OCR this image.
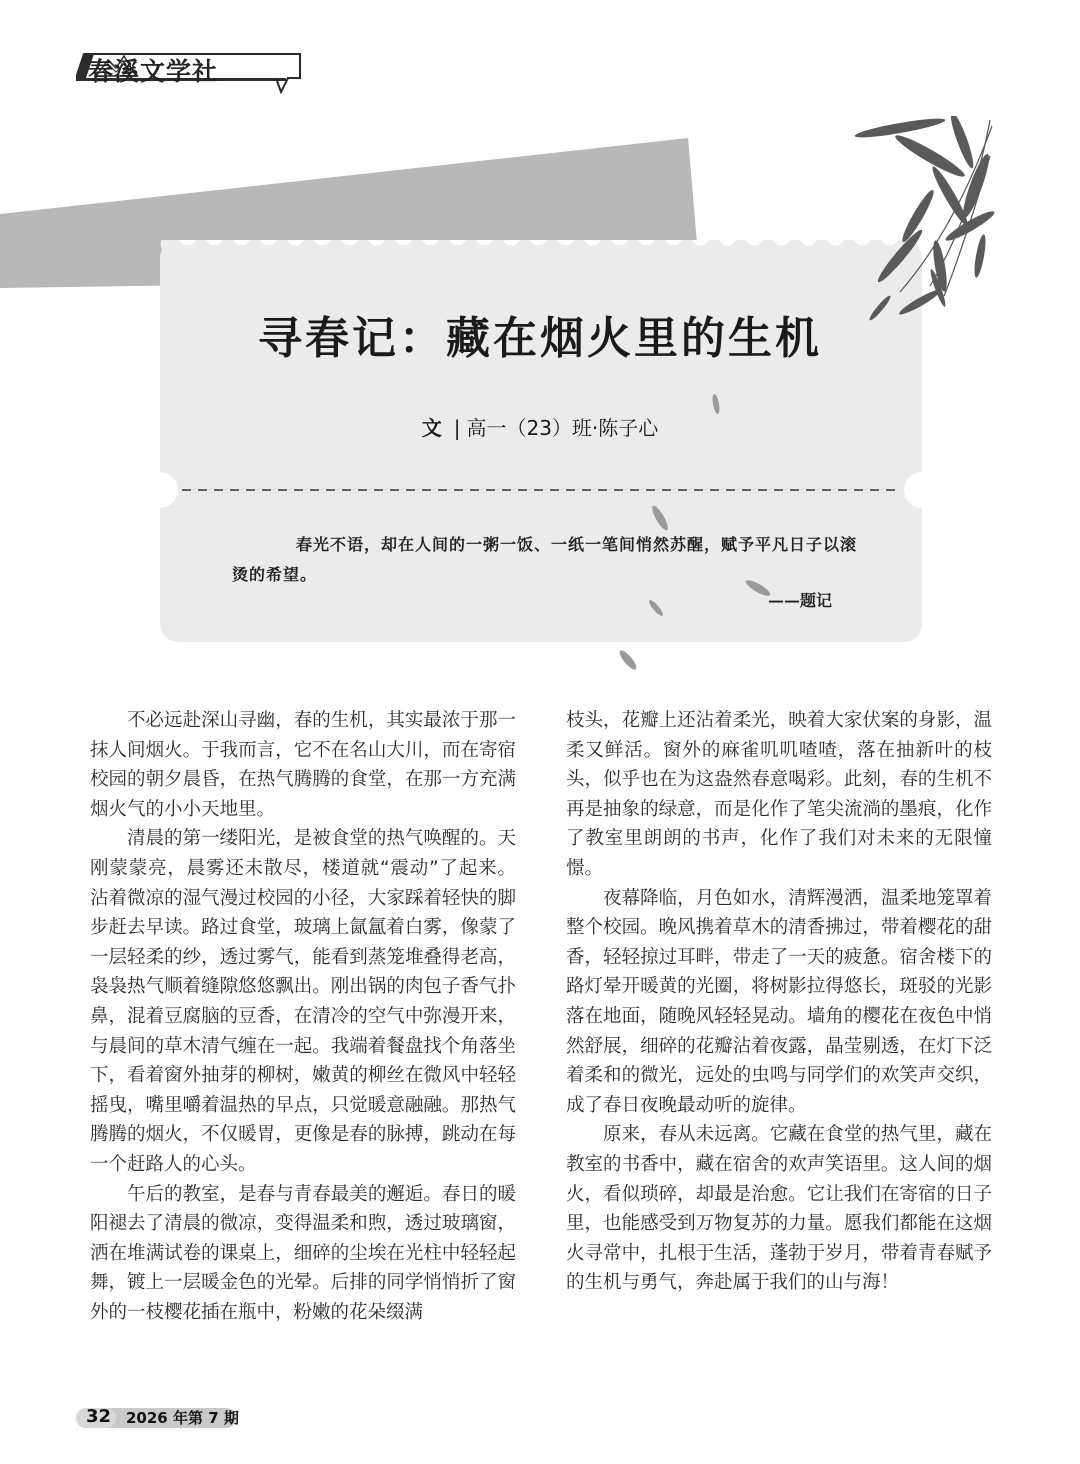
春溪文学社
寻春记：藏在烟火里的生机
文 | 高一（23）班·陈子心
春光不语，却在人间的一粥一饭、一纸一笔间悄然苏醒，赋予平凡日子以滚烫的希望。
——题记

不必远赴深山寻幽，春的生机，其实最浓于那一抹人间烟火。于我而言，它不在名山大川，而在寄宿校园的朝夕晨昏，在热气腾腾的食堂，在那一方充满烟火气的小小天地里。

清晨的第一缕阳光，是被食堂的热气唤醒的。天刚蒙蒙亮，晨雾还未散尽，楼道就“震动”了起来。沾着微凉的湿气漫过校园的小径，大家踩着轻快的脚步赶去早读。路过食堂，玻璃上氤氲着白雾，像蒙了一层轻柔的纱，透过雾气，能看到蒸笼堆叠得老高，袅袅热气顺着缝隙悠悠飘出。刚出锅的肉包子香气扑鼻，混着豆腐脑的豆香，在清冷的空气中弥漫开来，与晨间的草木清气缠在一起。我端着餐盘找个角落坐下，看着窗外抽芽的柳树，嫩黄的柳丝在微风中轻轻摇曳，嘴里嚼着温热的早点，只觉暖意融融。那热气腾腾的烟火，不仅暖胃，更像是春的脉搏，跳动在每一个赶路人的心头。

午后的教室，是春与青春最美的邂逅。春日的暖阳褪去了清晨的微凉，变得温柔和煦，透过玻璃窗，洒在堆满试卷的课桌上，细碎的尘埃在光柱中轻轻起舞，镀上一层暖金色的光晕。后排的同学悄悄折了窗外的一枝樱花插在瓶中，粉嫩的花朵缀满

枝头，花瓣上还沾着柔光，映着大家伏案的身影，温柔又鲜活。窗外的麻雀叽叽喳喳，落在抽新叶的枝头，似乎也在为这盎然春意喝彩。此刻，春的生机不再是抽象的绿意，而是化作了笔尖流淌的墨痕，化作了教室里朗朗的书声，化作了我们对未来的无限憧憬。

夜幕降临，月色如水，清辉漫洒，温柔地笼罩着整个校园。晚风携着草木的清香拂过，带着樱花的甜香，轻轻掠过耳畔，带走了一天的疲惫。宿舍楼下的路灯晕开暖黄的光圈，将树影拉得悠长，斑驳的光影落在地面，随晚风轻轻晃动。墙角的樱花在夜色中悄然舒展，细碎的花瓣沾着夜露，晶莹剔透，在灯下泛着柔和的微光，远处的虫鸣与同学们的欢笑声交织，成了春日夜晚最动听的旋律。

原来，春从未远离。它藏在食堂的热气里，藏在教室的书香中，藏在宿舍的欢声笑语里。这人间的烟火，看似琐碎，却最是治愈。它让我们在寄宿的日子里，也能感受到万物复苏的力量。愿我们都能在这烟火寻常中，扎根于生活，蓬勃于岁月，带着青春赋予的生机与勇气，奔赴属于我们的山与海！

32 2026 年第 7 期
